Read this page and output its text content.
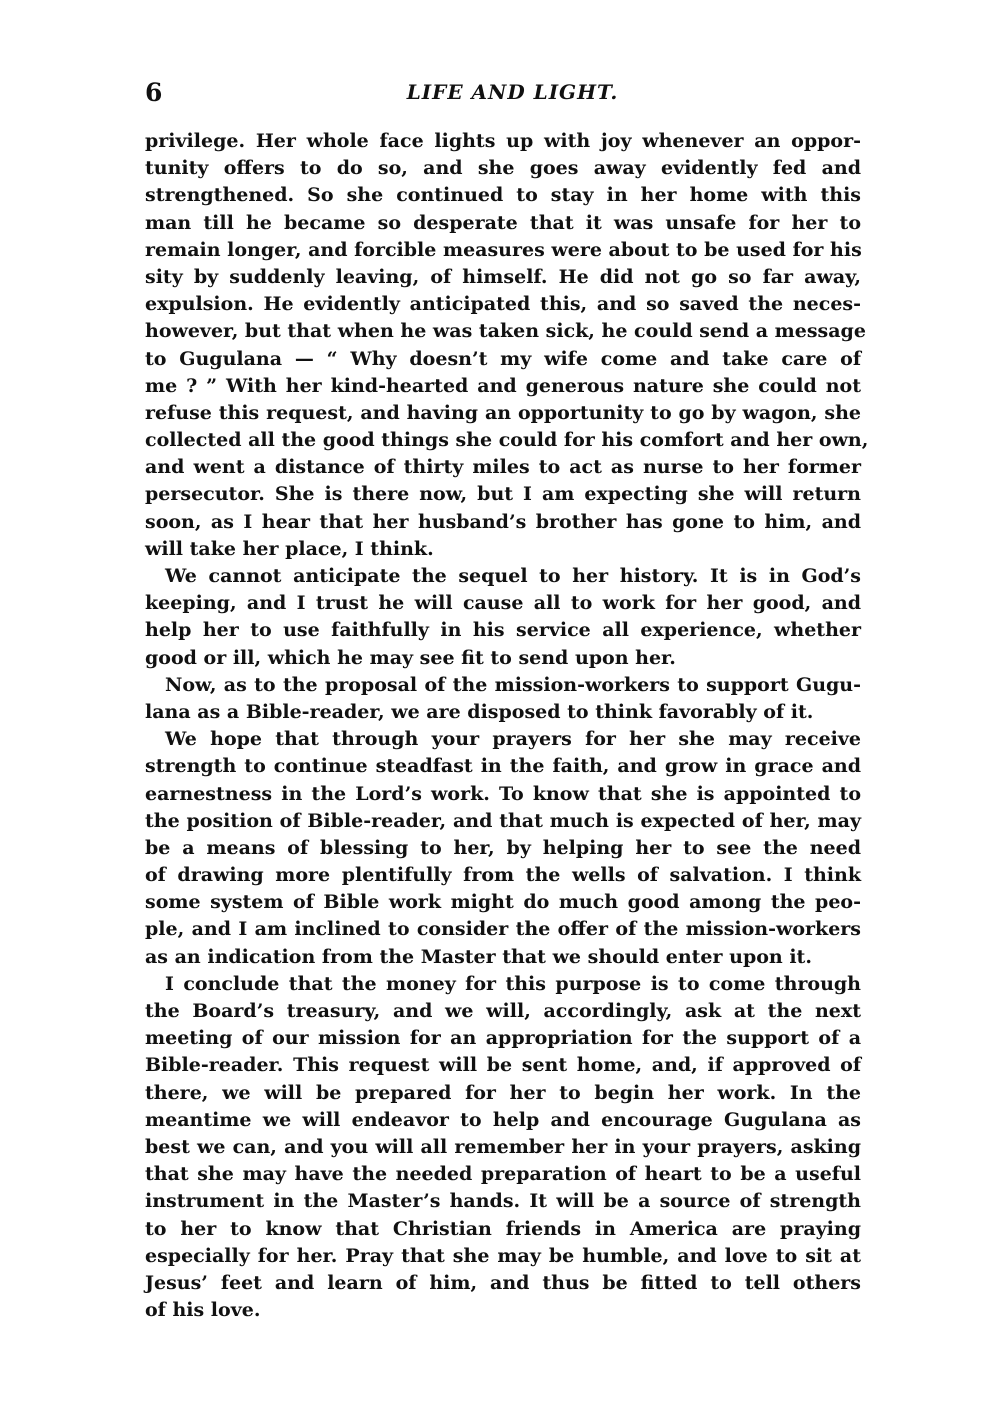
6	LIFE AND LIGHT.
privilege. Her whole face lights up with joy whenever an oppor-
tunity offers to do so, and she goes away evidently fed and
strengthened. So she continued to stay in her home with this
man till he became so desperate that it was unsafe for her to
remain longer, and forcible measures were about to be used for his
sity by suddenly leaving, of himself. He did not go so far away,
expulsion. He evidently anticipated this, and so saved the neces-
however, but that when he was taken sick, he could send a message
to Gugulana — “ Why doesn’t my wife come and take care of
me ? ” With her kind-hearted and generous nature she could not
refuse this request, and having an opportunity to go by wagon, she
collected all the good things she could for his comfort and her own,
and went a distance of thirty miles to act as nurse to her former
persecutor. She is there now, but I am expecting she will return
soon, as I hear that her husband’s brother has gone to him, and
will take her place, I think.
We cannot anticipate the sequel to her history. It is in God’s
keeping, and I trust he will cause all to work for her good, and
help her to use faithfully in his service all experience, whether
good or ill, which he may see fit to send upon her.
Now, as to the proposal of the mission-workers to support Gugu-
lana as a Bible-reader, we are disposed to think favorably of it.
We hope that through your prayers for her she may receive
strength to continue steadfast in the faith, and grow in grace and
earnestness in the Lord’s work. To know that she is appointed to
the position of Bible-reader, and that much is expected of her, may
be a means of blessing to her, by helping her to see the need
of drawing more plentifully from the wells of salvation. I think
some system of Bible work might do much good among the peo-
ple, and I am inclined to consider the offer of the mission-workers
as an indication from the Master that we should enter upon it.
I conclude that the money for this purpose is to come through
the Board’s treasury, and we will, accordingly, ask at the next
meeting of our mission for an appropriation for the support of a
Bible-reader. This request will be sent home, and, if approved of
there, we will be prepared for her to begin her work. In the
meantime we will endeavor to help and encourage Gugulana as
best we can, and you will all remember her in your prayers, asking
that she may have the needed preparation of heart to be a useful
instrument in the Master’s hands. It will be a source of strength
to her to know that Christian friends in America are praying
especially for her. Pray that she may be humble, and love to sit at
Jesus’ feet and learn of him, and thus be fitted to tell others
of his love.
